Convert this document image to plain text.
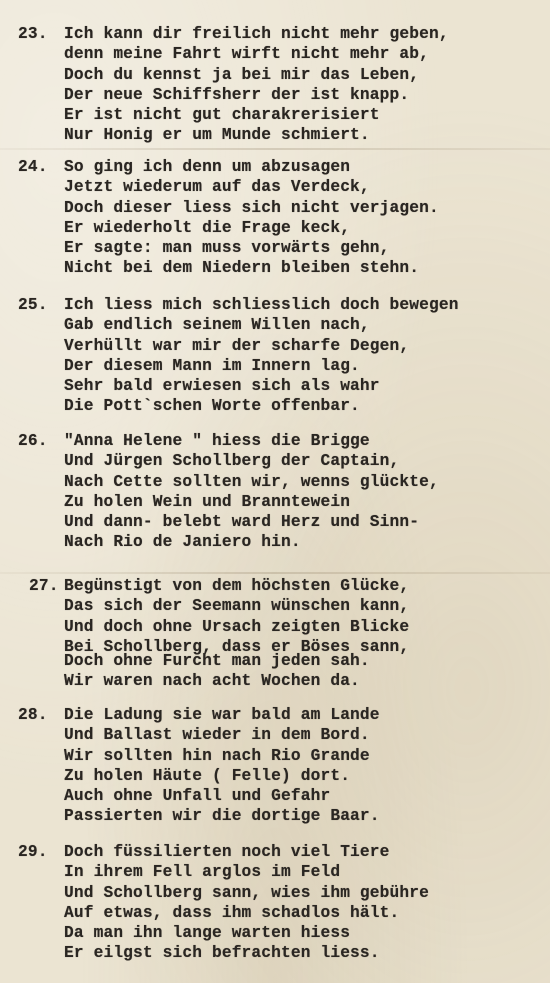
23. Ich kann dir freilich nicht mehr geben,
denn meine Fahrt wirft nicht mehr ab,
Doch du kennst ja bei mir das Leben,
Der neue Schiffsherr der ist knapp.
Er ist nicht gut charakrerisiert
Nur Honig er um Munde schmiert.
24. So ging ich denn um abzusagen
Jetzt wiederum auf das Verdeck,
Doch dieser liess sich nicht verjagen.
Er wiederholt die Frage keck,
Er sagte: man muss vorwärts gehn,
Nicht bei dem Niedern bleiben stehn.
25. Ich liess mich schliesslich doch bewegen
Gab endlich seinem Willen nach,
Verhüllt war mir der scharfe Degen,
Der diesem Mann im Innern lag.
Sehr bald erwiesen sich als wahr
Die Pott`schen Worte offenbar.
26. "Anna Helene " hiess die Brigge
Und Jürgen Schollberg der Captain,
Nach Cette sollten wir, wenns glückte,
Zu holen Wein und Branntewein
Und dann- belebt ward Herz und Sinn-
Nach Rio de Janiero hin.
27. Begünstigt von dem höchsten Glücke,
Das sich der Seemann wünschen kann,
Und doch ohne Ursach zeigten Blicke
Bei Schollberg, dass er Böses sann,
Doch ohne Furcht man jeden sah.
Wir waren nach acht Wochen da.
28. Die Ladung sie war bald am Lande
Und Ballast wieder in dem Bord.
Wir sollten hin nach Rio Grande
Zu holen Häute ( Felle) dort.
Auch ohne Unfall und Gefahr
Passierten wir die dortige Baar.
29. Doch füssilierten noch viel Tiere
In ihrem Fell arglos im Feld
Und Schollberg sann, wies ihm gebühre
Auf etwas, dass ihm schadlos hält.
Da man ihn lange warten hiess
Er eilgst sich befrachten liess.
